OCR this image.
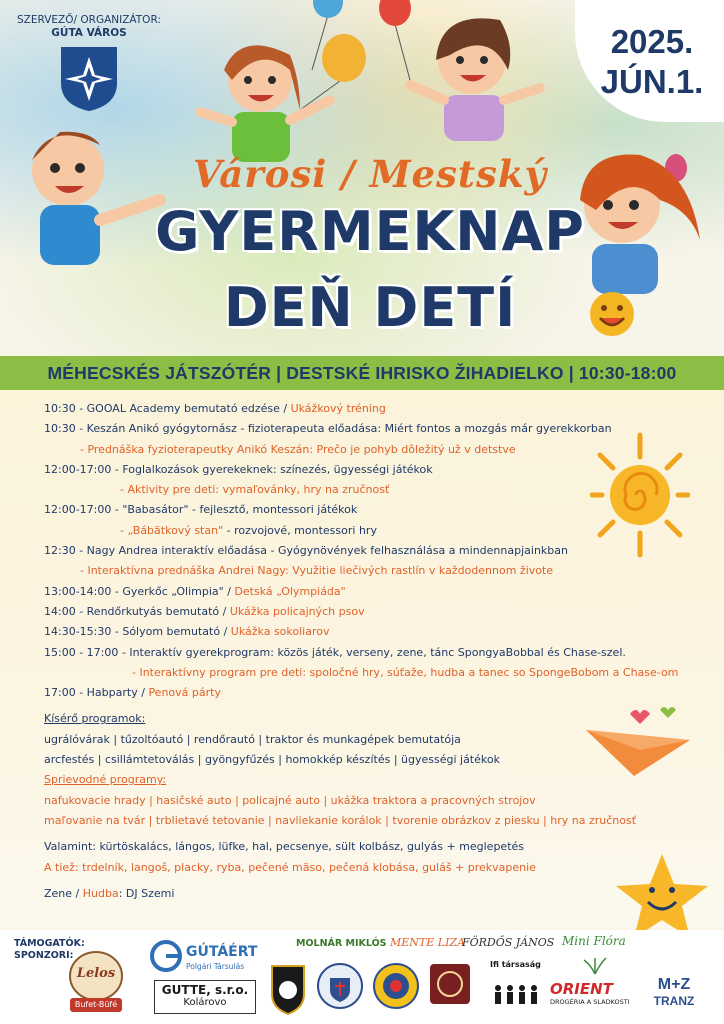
SZERVEZŐ/ ORGANIZÁTOR:
GÚTA VÁROS	2025.
JÚN.1.
Városi / Mestský
GYERMEKNAP
DEŇ DETÍ
MÉHECSKÉS JÁTSZÓTÉR | DESTSKÉ IHRISKO ŽIHADIELKO | 10:30-18:00
10:30 - GOOAL Academy bemutató edzése / Ukážkový tréning
10:30 - Keszán Anikó gyógytornász - fizioterapeuta előadása: Miért fontos a mozgás már gyerekkorban
- Prednáška fyzioterapeutky Anikó Keszán: Prečo je pohyb dôležitý už v detstve
12:00-17:00 - Foglalkozások gyerekeknek: színezés, ügyességi játékok
- Aktivity pre deti: vymaľovánky, hry na zručnosť
12:00-17:00 - "Babasátor" - fejlesztő, montessori játékok
- „Bábätkový stan" - rozvojové, montessori hry
12:30 - Nagy Andrea interaktív előadása - Gyógynövények felhasználása a mindennapjainkban
- Interaktívna prednáška Andrei Nagy: Využitie liečivých rastlín v každodennom živote
13:00-14:00 - Gyerkőc „Olimpia" / Detská „Olympiáda"
14:00 - Rendőrkutyás bemutató / Ukážka policajných psov
14:30-15:30 - Sólyom bemutató / Ukážka sokoliarov
15:00 - 17:00 - Interaktív gyerekprogram: közös játék, verseny, zene, tánc SpongyaBobbal és Chase-szel.
- Interaktívny program pre deti: spoločné hry, súťaže, hudba a tanec so SpongeBobom a Chase-om
17:00 - Habparty / Penová párty
Kísérő programok:
ugrálóvárak | tűzoltóautó | rendőrautó | traktor és munkagépek bemutatója
arcfestés | csillámtetoválás | gyöngyfűzés | homokkép készítés | ügyességi játékok
Sprievodné programy:
nafukovacie hrady | hasičské auto | policajné auto | ukážka traktora a pracovných strojov
maľovanie na tvár | trblietavé tetovanie | navliekanie korálok | tvorenie obrázkov z piesku | hry na zručnosť
Valamint: kürtöskalács, lángos, lüfke, hal, pecsenye, sült kolbász, gulyás + meglepetés
A tiež: trdelník, langoš, placky, ryba, pečené mäso, pečená klobása, guláš + prekvapenie
Zene / Hudba: DJ Szemi
TÁMOGATÓK:
SPONZORI:
Lelos
Bufet-Büfé
GÚTÁÉRT
Polgári Társulás
GUTTE, s.r.o.
Kolárovo
MOLNÁR MIKLÓS MENTE LIZA
FÖRDŐS JÁNOS Mini Flóra
Ifi társaság
ORIENT
DROGÉRIA A SLADKOSTI
M+Z
TRANZ
